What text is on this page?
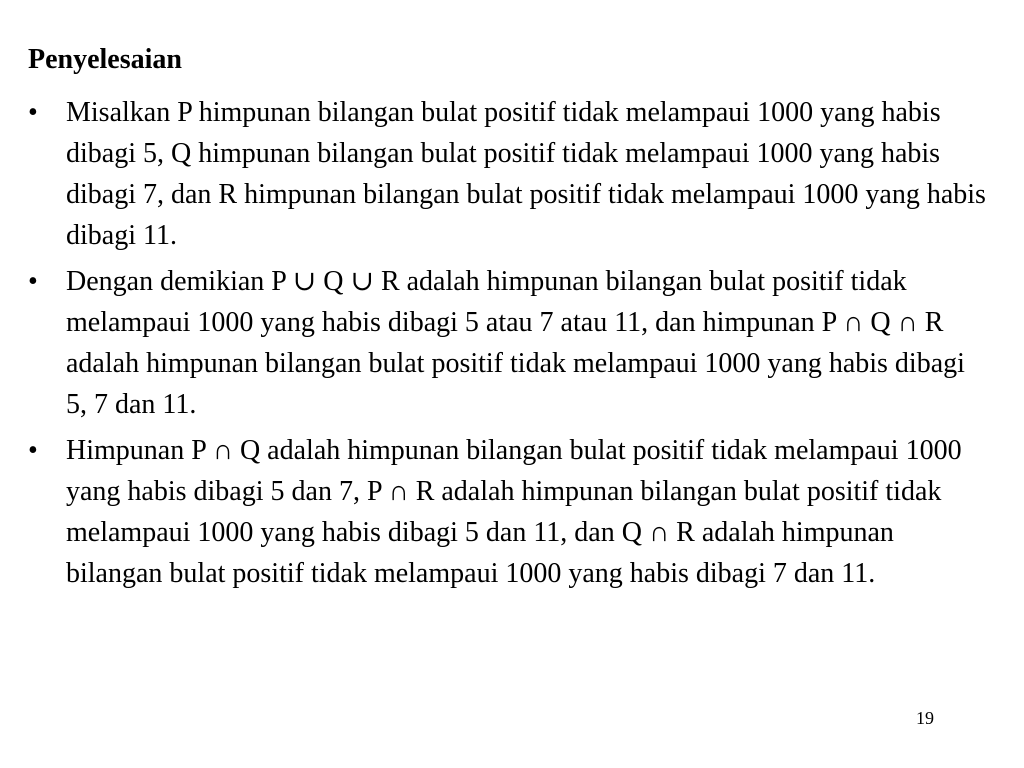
Penyelesaian
•	Misalkan P himpunan bilangan bulat positif tidak melampaui 1000 yang habis dibagi 5, Q himpunan bilangan bulat positif tidak melampaui 1000 yang habis dibagi 7, dan R himpunan bilangan bulat positif tidak melampaui 1000 yang habis dibagi 11.
•	Dengan demikian P ∪ Q ∪ R adalah himpunan bilangan bulat positif tidak melampaui 1000 yang habis dibagi 5 atau 7 atau 11, dan himpunan P ∩ Q ∩ R adalah himpunan bilangan bulat positif tidak melampaui 1000 yang habis dibagi 5, 7 dan 11.
•	Himpunan P ∩ Q adalah himpunan bilangan bulat positif tidak melampaui 1000 yang habis dibagi 5 dan 7, P ∩ R adalah himpunan bilangan bulat positif tidak melampaui 1000 yang habis dibagi 5 dan 11, dan Q ∩ R adalah himpunan bilangan bulat positif tidak melampaui 1000 yang habis dibagi 7 dan 11.
19
